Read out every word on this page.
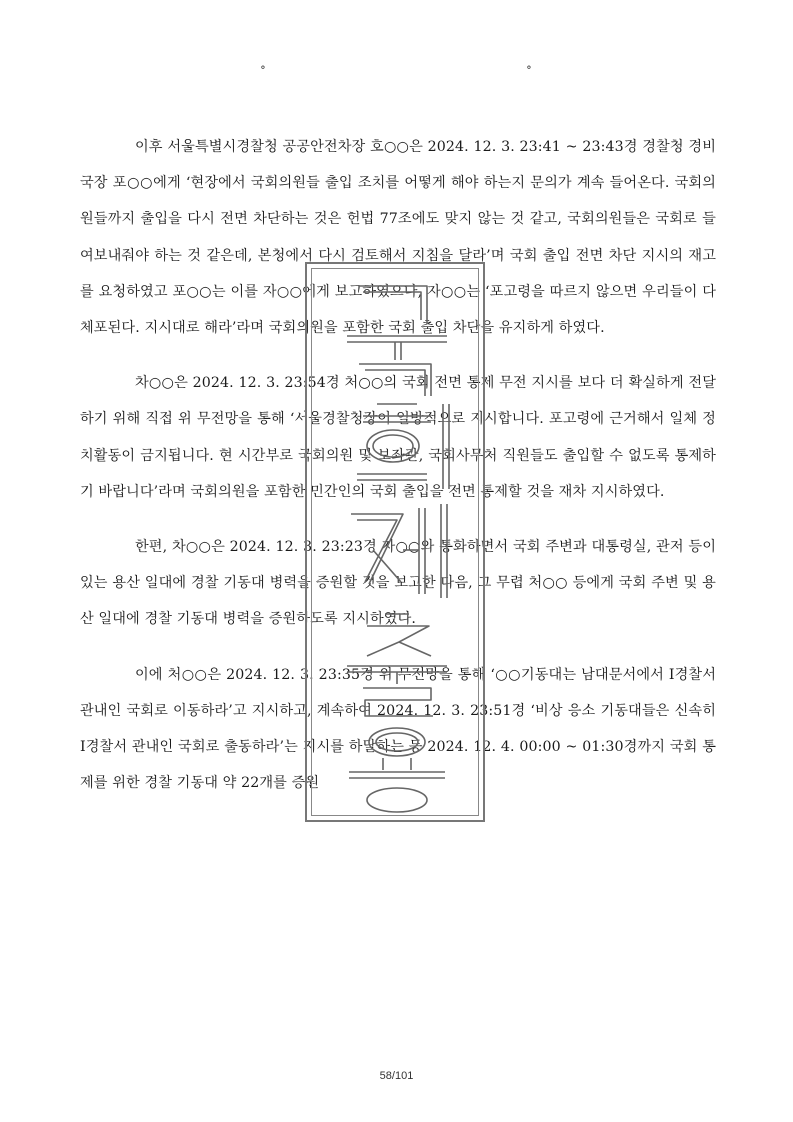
∘	∘

이후 서울특별시경찰청 공공안전차장 호○○은 2024. 12. 3. 23:41 ~ 23:43경 경찰청 경비국장 포○○에게 ‘현장에서 국회의원들 출입 조치를 어떻게 해야 하는지 문의가 계속 들어온다. 국회의원들까지 출입을 다시 전면 차단하는 것은 헌법 77조에도 맞지 않는 것 같고, 국회의원들은 국회로 들여보내줘야 하는 것 같은데, 본청에서 다시 검토해서 지침을 달라’며 국회 출입 전면 차단 지시의 재고를 요청하였고 포○○는 이를 자○○에게 보고하였으나, 자○○는 ‘포고령을 따르지 않으면 우리들이 다 체포된다. 지시대로 해라’라며 국회의원을 포함한 국회 출입 차단을 유지하게 하였다.

차○○은 2024. 12. 3. 23:54경 처○○의 국회 전면 통제 무전 지시를 보다 더 확실하게 전달하기 위해 직접 위 무전망을 통해 ‘서울경찰청장이 일방적으로 지시합니다. 포고령에 근거해서 일체 정치활동이 금지됩니다. 현 시간부로 국회의원 및 보좌관, 국회사무처 직원들도 출입할 수 없도록 통제하기 바랍니다’라며 국회의원을 포함한 민간인의 국회 출입을 전면 통제할 것을 재차 지시하였다.

한편, 차○○은 2024. 12. 3. 23:23경 자○○와 통화하면서 국회 주변과 대통령실, 관저 등이 있는 용산 일대에 경찰 기동대 병력을 증원할 것을 보고한 다음, 그 무렵 처○○ 등에게 국회 주변 및 용산 일대에 경찰 기동대 병력을 증원하도록 지시하였다.

이에 처○○은 2024. 12. 3. 23:35경 위 무전망을 통해 ‘○○기동대는 남대문서에서 I경찰서 관내인 국회로 이동하라’고 지시하고, 계속하여 2024. 12. 3. 23:51경 ‘비상 응소 기동대들은 신속히 I경찰서 관내인 국회로 출동하라’는 지시를 하달하는 등 2024. 12. 4. 00:00 ~ 01:30경까지 국회 통제를 위한 경찰 기동대 약 22개를 증원

58/101
